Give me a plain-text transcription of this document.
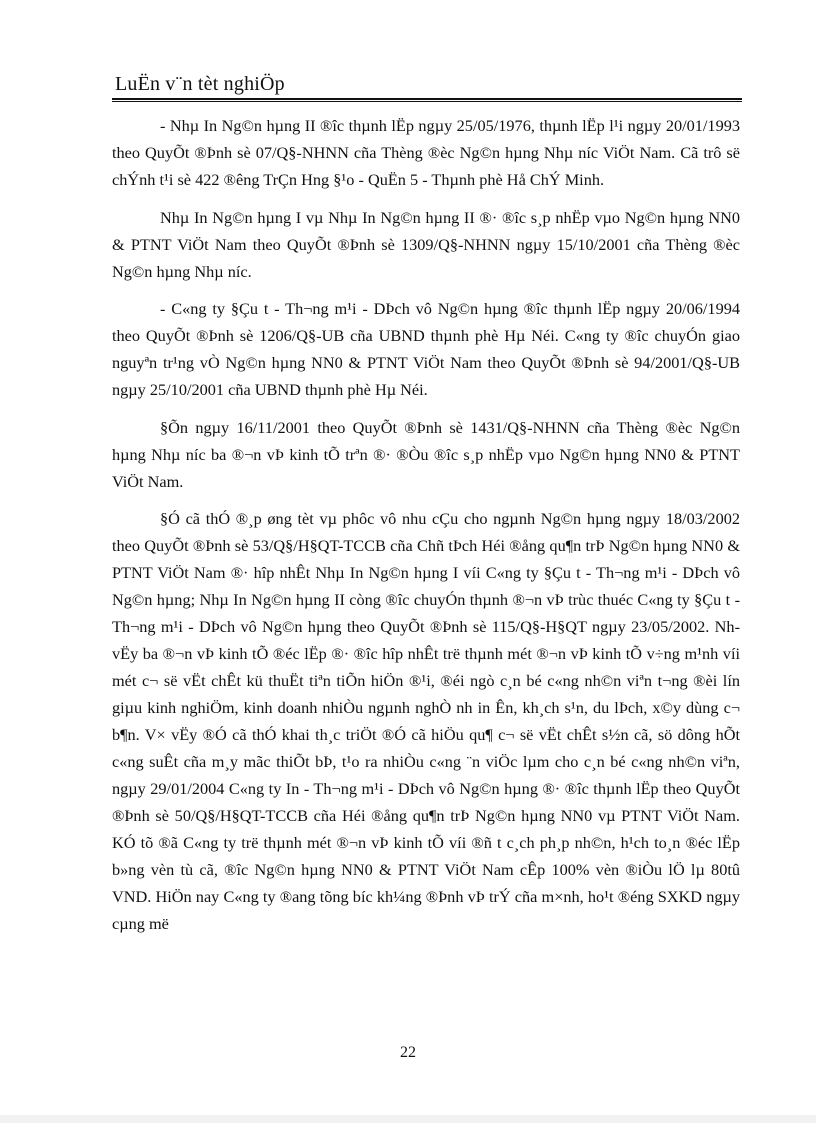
LuËn v¨n tèt nghiÖp

- Nhµ In Ng©n hµng II ®îc thµnh lËp ngµy 25/05/1976, thµnh lËp l¹i ngµy 20/01/1993 theo QuyÕt ®Þnh sè 07/Q§-NHNN cña Thèng ®èc Ng©n hµng Nhµ níc ViÖt Nam. Cã trô së chÝnh t¹i sè 422 ®êng TrÇn Hng §¹o - QuËn 5 - Thµnh phè Hå ChÝ Minh.

Nhµ In Ng©n hµng I vµ Nhµ In Ng©n hµng II ®· ®îc s¸p nhËp vµo Ng©n hµng NN0 & PTNT ViÖt Nam theo QuyÕt ®Þnh sè 1309/Q§-NHNN ngµy 15/10/2001 cña Thèng ®èc Ng©n hµng Nhµ níc.

- C«ng ty §Çu t - Th¬ng m¹i - DÞch vô Ng©n hµng ®îc thµnh lËp ngµy 20/06/1994 theo QuyÕt ®Þnh sè 1206/Q§-UB cña UBND thµnh phè Hµ Néi. C«ng ty ®îc chuyÓn giao nguyªn tr¹ng vÒ Ng©n hµng NN0 & PTNT ViÖt Nam theo QuyÕt ®Þnh sè 94/2001/Q§-UB ngµy 25/10/2001 cña UBND thµnh phè Hµ Néi.

§Õn ngµy 16/11/2001 theo QuyÕt ®Þnh sè 1431/Q§-NHNN cña Thèng ®èc Ng©n hµng Nhµ níc ba ®¬n vÞ kinh tÕ trªn ®· ®Òu ®îc s¸p nhËp vµo Ng©n hµng NN0 & PTNT ViÖt Nam.

§Ó cã thÓ ®¸p øng tèt vµ phôc vô nhu cÇu cho ngµnh Ng©n hµng ngµy 18/03/2002 theo QuyÕt ®Þnh sè 53/Q§/H§QT-TCCB cña Chñ tÞch Héi ®ång qu¶n trÞ Ng©n hµng NN0 & PTNT ViÖt Nam ®· hîp nhÊt Nhµ In Ng©n hµng I víi C«ng ty §Çu t - Th¬ng m¹i - DÞch vô Ng©n hµng; Nhµ In Ng©n hµng II còng ®îc chuyÓn thµnh ®¬n vÞ trùc thuéc C«ng ty §Çu t - Th¬ng m¹i - DÞch vô Ng©n hµng theo QuyÕt ®Þnh sè 115/Q§-H§QT ngµy 23/05/2002. Nh vËy ba ®¬n vÞ kinh tÕ ®éc lËp ®· ®îc hîp nhÊt trë thµnh mét ®¬n vÞ kinh tÕ v÷ng m¹nh víi mét c¬ së vËt chÊt kü thuËt tiªn tiÕn hiÖn ®¹i, ®éi ngò c¸n bé c«ng nh©n viªn t¬ng ®èi lín giµu kinh nghiÖm, kinh doanh nhiÒu ngµnh nghÒ nh in Ên, kh¸ch s¹n, du lÞch, x©y dùng c¬ b¶n. V× vËy ®Ó cã thÓ khai th¸c triÖt ®Ó cã hiÖu qu¶ c¬ së vËt chÊt s½n cã, sö dông hÕt c«ng suÊt cña m¸y mãc thiÕt bÞ, t¹o ra nhiÒu c«ng ¨n viÖc lµm cho c¸n bé c«ng nh©n viªn, ngµy 29/01/2004 C«ng ty In - Th¬ng m¹i - DÞch vô Ng©n hµng ®· ®îc thµnh lËp theo QuyÕt ®Þnh sè 50/Q§/H§QT-TCCB cña Héi ®ång qu¶n trÞ Ng©n hµng NN0 vµ PTNT ViÖt Nam. KÓ tõ ®ã C«ng ty trë thµnh mét ®¬n vÞ kinh tÕ víi ®ñ t c¸ch ph¸p nh©n, h¹ch to¸n ®éc lËp b»ng vèn tù cã, ®îc Ng©n hµng NN0 & PTNT ViÖt Nam cÊp 100% vèn ®iÒu lÖ lµ 80tû VND. HiÖn nay C«ng ty ®ang tõng bíc kh¼ng ®Þnh vÞ trÝ cña m×nh, ho¹t ®éng SXKD ngµy cµng më

22
